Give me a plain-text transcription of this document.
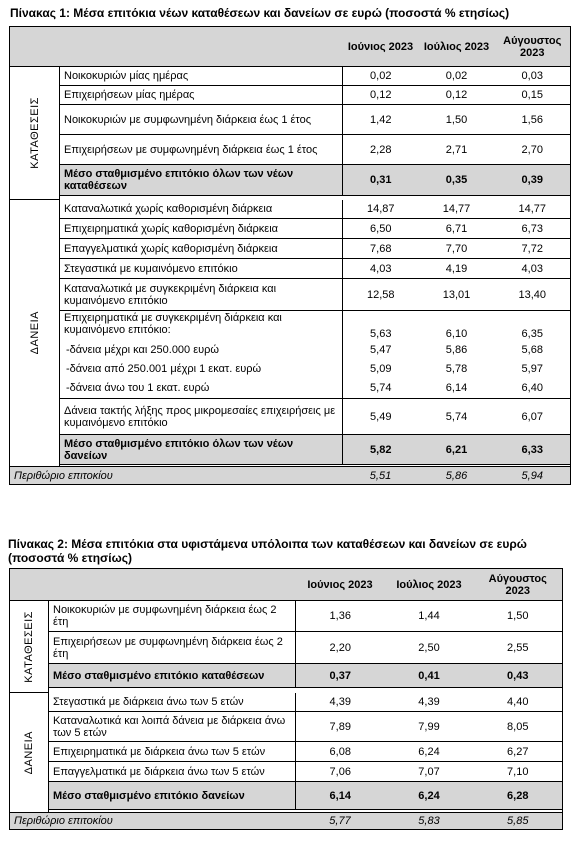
Πίνακας 1: Μέσα επιτόκια νέων καταθέσεων και δανείων σε ευρώ (ποσοστά % ετησίως)
		Ιούνιος 2023	Ιούλιος 2023	Αύγουστος 2023

ΚΑΤΑΘΕΣΕΙΣ	Νοικοκυριών μίας ημέρας	0,02	0,02	0,03
	Επιχειρήσεων μίας ημέρας	0,12	0,12	0,15
	Νοικοκυριών με συμφωνημένη διάρκεια έως 1 έτος	1,42	1,50	1,56
	Επιχειρήσεων με συμφωνημένη διάρκεια έως 1 έτος	2,28	2,71	2,70
	Μέσο σταθμισμένο επιτόκιο όλων των νέων καταθέσεων	0,31	0,35	0,39

ΔΑΝΕΙΑ	Καταναλωτικά χωρίς καθορισμένη διάρκεια	14,87	14,77	14,77
	Επιχειρηματικά χωρίς καθορισμένη διάρκεια	6,50	6,71	6,73
	Επαγγελματικά χωρίς καθορισμένη διάρκεια	7,68	7,70	7,72
	Στεγαστικά με κυμαινόμενο επιτόκιο	4,03	4,19	4,03
	Καταναλωτικά με συγκεκριμένη διάρκεια και κυμαινόμενο επιτόκιο	12,58	13,01	13,40
	Επιχειρηματικά με συγκεκριμένη διάρκεια και κυμαινόμενο επιτόκιο:	5,63	6,10	6,35
	-δάνεια μέχρι και 250.000 ευρώ	5,47	5,86	5,68
	-δάνεια από 250.001 μέχρι 1 εκατ. ευρώ	5,09	5,78	5,97
	-δάνεια άνω του 1 εκατ. ευρώ	5,74	6,14	6,40
	Δάνεια τακτής λήξης προς μικρομεσαίες επιχειρήσεις με κυμαινόμενο επιτόκιο	5,49	5,74	6,07
	Μέσο σταθμισμένο επιτόκιο όλων των νέων δανείων	5,82	6,21	6,33

Περιθώριο επιτοκίου		5,51	5,86	5,94
Πίνακας 2: Μέσα επιτόκια στα υφιστάμενα υπόλοιπα των καταθέσεων και δανείων σε ευρώ (ποσοστά % ετησίως)
		Ιούνιος 2023	Ιούλιος 2023	Αύγουστος 2023

ΚΑΤΑΘΕΣΕΙΣ	Νοικοκυριών με συμφωνημένη διάρκεια έως 2 έτη	1,36	1,44	1,50
	Επιχειρήσεων με συμφωνημένη διάρκεια έως 2 έτη	2,20	2,50	2,55
	Μέσο σταθμισμένο επιτόκιο καταθέσεων	0,37	0,41	0,43

ΔΑΝΕΙΑ	Στεγαστικά με διάρκεια άνω των 5 ετών	4,39	4,39	4,40
	Καταναλωτικά και λοιπά δάνεια με διάρκεια άνω των 5 ετών	7,89	7,99	8,05
	Επιχειρηματικά με διάρκεια άνω των 5 ετών	6,08	6,24	6,27
	Επαγγελματικά με διάρκεια άνω των 5 ετών	7,06	7,07	7,10
	Μέσο σταθμισμένο επιτόκιο δανείων	6,14	6,24	6,28

Περιθώριο επιτοκίου		5,77	5,83	5,85
